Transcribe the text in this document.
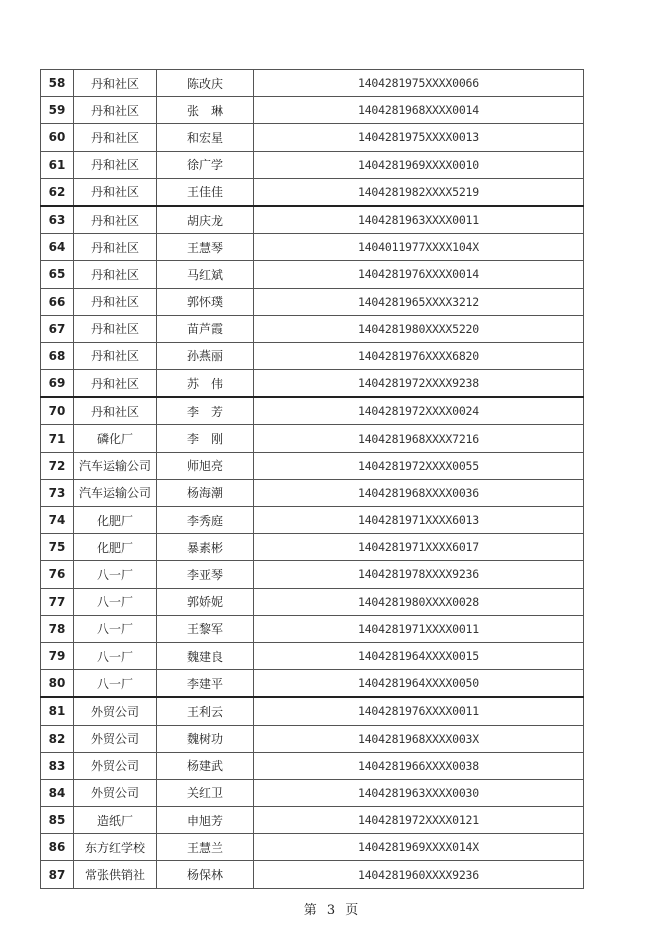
58	丹和社区	陈改庆	1404281975XXXX0066
59	丹和社区	张　琳	1404281968XXXX0014
60	丹和社区	和宏星	1404281975XXXX0013
61	丹和社区	徐广学	1404281969XXXX0010
62	丹和社区	王佳佳	1404281982XXXX5219
63	丹和社区	胡庆龙	1404281963XXXX0011
64	丹和社区	王慧琴	1404011977XXXX104X
65	丹和社区	马红斌	1404281976XXXX0014
66	丹和社区	郭怀璞	1404281965XXXX3212
67	丹和社区	苗芦霞	1404281980XXXX5220
68	丹和社区	孙燕丽	1404281976XXXX6820
69	丹和社区	苏　伟	1404281972XXXX9238
70	丹和社区	李　芳	1404281972XXXX0024
71	磷化厂	李　刚	1404281968XXXX7216
72	汽车运输公司	师旭亮	1404281972XXXX0055
73	汽车运输公司	杨海潮	1404281968XXXX0036
74	化肥厂	李秀庭	1404281971XXXX6013
75	化肥厂	暴素彬	1404281971XXXX6017
76	八一厂	李亚琴	1404281978XXXX9236
77	八一厂	郭娇妮	1404281980XXXX0028
78	八一厂	王黎军	1404281971XXXX0011
79	八一厂	魏建良	1404281964XXXX0015
80	八一厂	李建平	1404281964XXXX0050
81	外贸公司	王利云	1404281976XXXX0011
82	外贸公司	魏树功	1404281968XXXX003X
83	外贸公司	杨建武	1404281966XXXX0038
84	外贸公司	关红卫	1404281963XXXX0030
85	造纸厂	申旭芳	1404281972XXXX0121
86	东方红学校	王慧兰	1404281969XXXX014X
87	常张供销社	杨保林	1404281960XXXX9236
第 3 页
